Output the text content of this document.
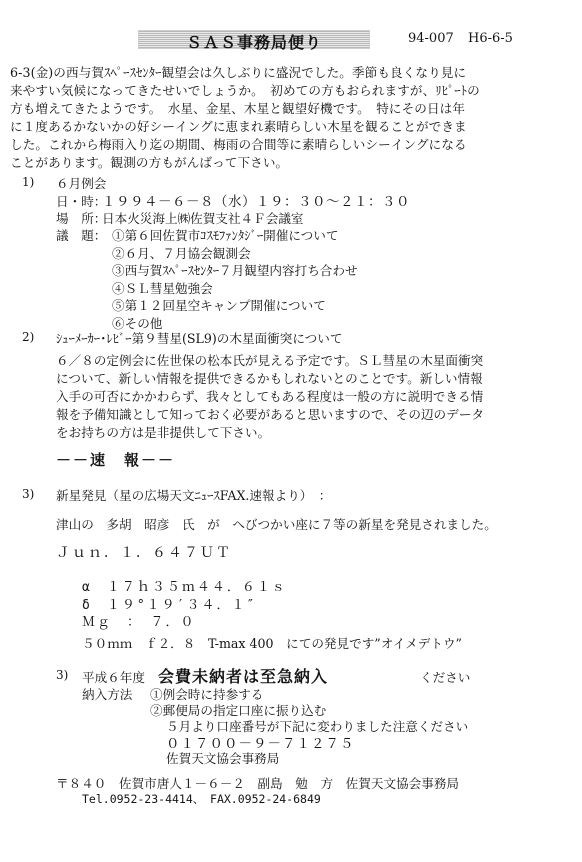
ＳＡＳ事務局便り	94-007 H6-6-5
6-3(金)の西与賀ｽﾍﾟｰｽｾﾝﾀｰ観望会は久しぶりに盛況でした。季節も良くなり見に
来やすい気候になってきたせいでしょうか。　初めての方もおられますが、ﾘﾋﾟｰﾄの
方も増えてきたようです。　水星、金星、木星と観望好機です。　特にその日は年
に１度あるかないかの好シーイングに恵まれ素晴らしい木星を観ることができま
した。これから梅雨入り迄の期間、梅雨の合間等に素晴らしいシーイングになる
ことがあります。観測の方もがんばって下さい。
1) ６月例会
日・時：１９９４－６－８（水）１９：３０～２１：３０
場　所：日本火災海上㈱佐賀支社４Ｆ会議室
議　題： ①第６回佐賀市ｺｽﾓﾌｧﾝﾀｼﾞｰ開催について
②６月、７月協会観測会
③西与賀ｽﾍﾟｰｽｾﾝﾀｰ７月観望内容打ち合わせ
④ＳＬ彗星勉強会
⑤第１２回星空キャンプ開催について
⑥その他
2) ｼｭｰﾒｰｶｰ･ﾚﾋﾞｰ第９彗星(SL9)の木星面衝突について
６／８の定例会に佐世保の松本氏が見える予定です。ＳＬ彗星の木星面衝突
について、新しい情報を提供できるかもしれないとのことです。新しい情報
入手の可否にかかわらず、我々としてもある程度は一般の方に説明できる情
報を予備知識として知っておく必要があると思いますので、その辺のデータ
をお持ちの方は是非提供して下さい。
－－速　報－－
3) 新星発見（星の広場天文ﾆｭｰｽFAX.速報より）　：
津山の　多胡　昭彦　氏　が　へびつかい座に７等の新星を発見されました。
Ｊｕｎ．１．６４７ＵＴ
α　１７ｈ３５ｍ４４．６１ｓ
δ　１９°１９′３４．１″
Ｍｇ　：　７．０
５０ｍｍ　ｆ２．８　T-max 400　にての発見です”オイメデトウ”
3) 平成６年度 会費未納者は至急納入	ください
納入方法 ①例会時に持参する
②郵便局の指定口座に振り込む
５月より口座番号が下記に変わりました注意ください
０１７００－９－７１２７５
佐賀天文協会事務局
〒８４０　佐賀市唐人１－６－２　副島　勉　方　佐賀天文協会事務局
Tel.0952-23-4414、　FAX.0952-24-6849
